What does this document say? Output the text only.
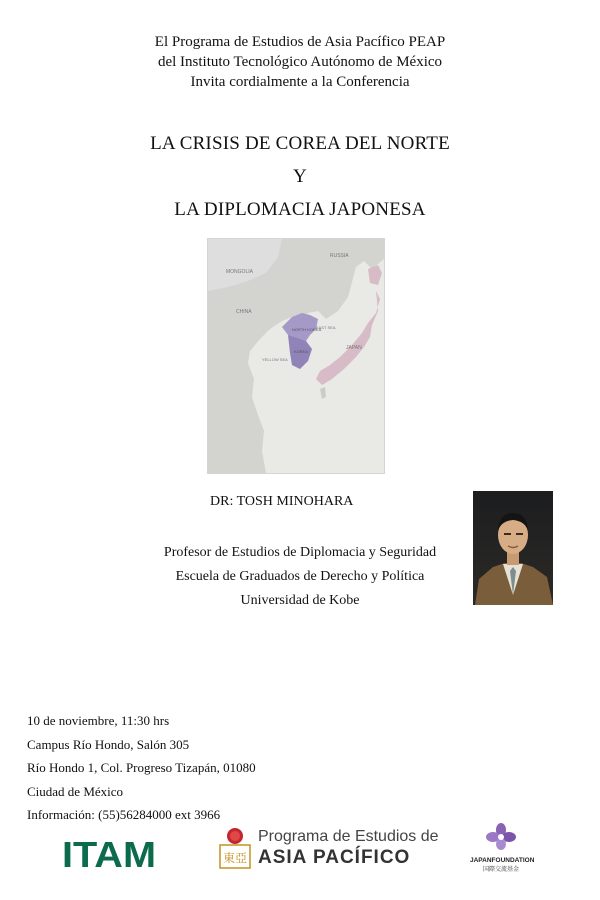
El Programa de Estudios de Asia Pacífico PEAP
del Instituto Tecnológico Autónomo de México
Invita cordialmente a la Conferencia
LA CRISIS DE COREA DEL NORTE
Y
LA DIPLOMACIA JAPONESA
MONGOLIA
RUSSIA
CHINA
NORTH KOREA
KOREA
EAST SEA
JAPAN
YELLOW SEA
DR: TOSH MINOHARA
Profesor de Estudios de Diplomacia y Seguridad
Escuela de Graduados de Derecho y Política
Universidad de Kobe
10 de noviembre, 11:30 hrs
Campus Río Hondo, Salón 305
Río Hondo 1, Col. Progreso Tizapán, 01080
Ciudad de México
Información: (55)56284000 ext 3966
ITAM	東亞
Programa de Estudios de
ASIA PACÍFICO	JAPANFOUNDATION
国際交流基金
